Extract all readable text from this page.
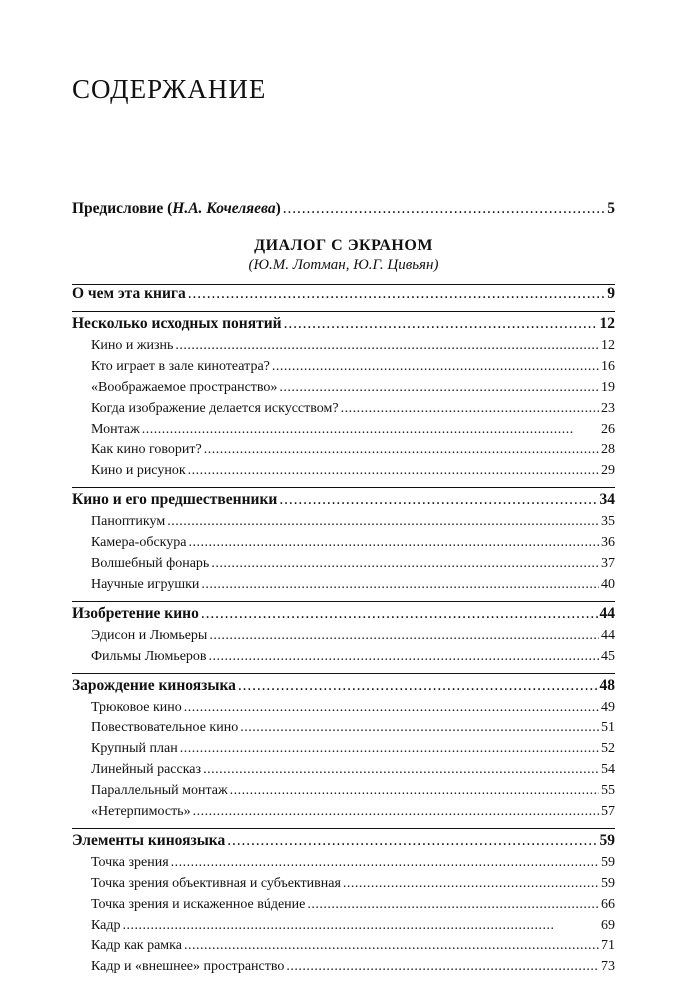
СОДЕРЖАНИЕ
Предисловие (Н.А. Кочеляева) . . .	5
ДИАЛОГ С ЭКРАНОМ
(Ю.М. Лотман, Ю.Г. Цивьян)
О чем эта книга . . .	9
Несколько исходных понятий . . .	12
Кино и жизнь . . .	12
Кто играет в зале кинотеатра? . . .	16
«Воображаемое пространство» . . .	19
Когда изображение делается искусством? . . .	23
Монтаж . . .	26
Как кино говорит? . . .	28
Кино и рисунок . . .	29
Кино и его предшественники . . .	34
Паноптикум . . .	35
Камера-обскура . . .	36
Волшебный фонарь . . .	37
Научные игрушки . . .	40
Изобретение кино . . .	44
Эдисон и Люмьеры . . .	44
Фильмы Люмьеров . . .	45
Зарождение киноязыка . . .	48
Трюковое кино . . .	49
Повествовательное кино . . .	51
Крупный план . . .	52
Линейный рассказ . . .	54
Параллельный монтаж . . .	55
«Нетерпимость» . . .	57
Элементы киноязыка . . .	59
Точка зрения . . .	59
Точка зрения объективная и субъективная . . .	59
Точка зрения и искаженное вúдение . . .	66
Кадр . . .	69
Кадр как рамка . . .	71
Кадр и «внешнее» пространство . . .	73
